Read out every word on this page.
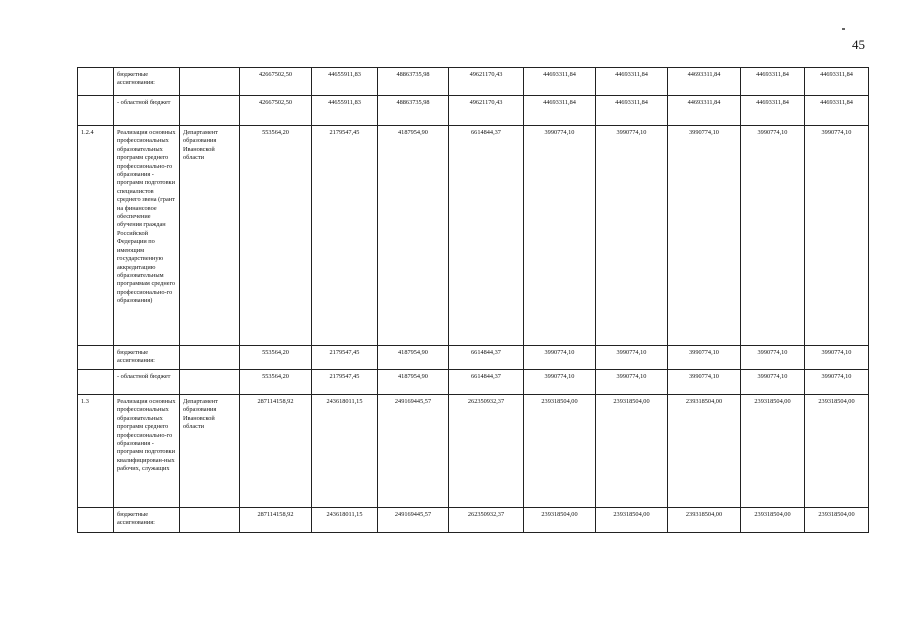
45
	бюджетные ассигнования:		42667502,50	44655911,83	48863735,98	49621170,43	44693311,84	44693311,84	44693311,84	44693311,84	44693311,84
	- областной бюджет		42667502,50	44655911,83	48863735,98	49621170,43	44693311,84	44693311,84	44693311,84	44693311,84	44693311,84
1.2.4	Реализация основных профессиональных образовательных программ среднего профессионально-го образования - программ подготовки специалистов среднего звена (грант на финансовое обеспечение обучения граждан Российской Федерации по имеющим государственную аккредитацию образовательным программам среднего профессионально-го образования)	Департамент образования Ивановской области	553564,20	2179547,45	4187954,90	6614844,37	3990774,10	3990774,10	3990774,10	3990774,10	3990774,10
	бюджетные ассигнования:		553564,20	2179547,45	4187954,90	6614844,37	3990774,10	3990774,10	3990774,10	3990774,10	3990774,10
	- областной бюджет		553564,20	2179547,45	4187954,90	6614844,37	3990774,10	3990774,10	3990774,10	3990774,10	3990774,10
1.3	Реализация основных профессиональных образовательных программ среднего профессионально-го образования - программ подготовки квалифицирован-ных рабочих, служащих	Департамент образования Ивановской области	287114158,92	243618011,15	249169445,57	262350932,37	239318504,00	239318504,00	239318504,00	239318504,00	239318504,00
	бюджетные ассигнования:		287114158,92	243618011,15	249169445,57	262350932,37	239318504,00	239318504,00	239318504,00	239318504,00	239318504,00
